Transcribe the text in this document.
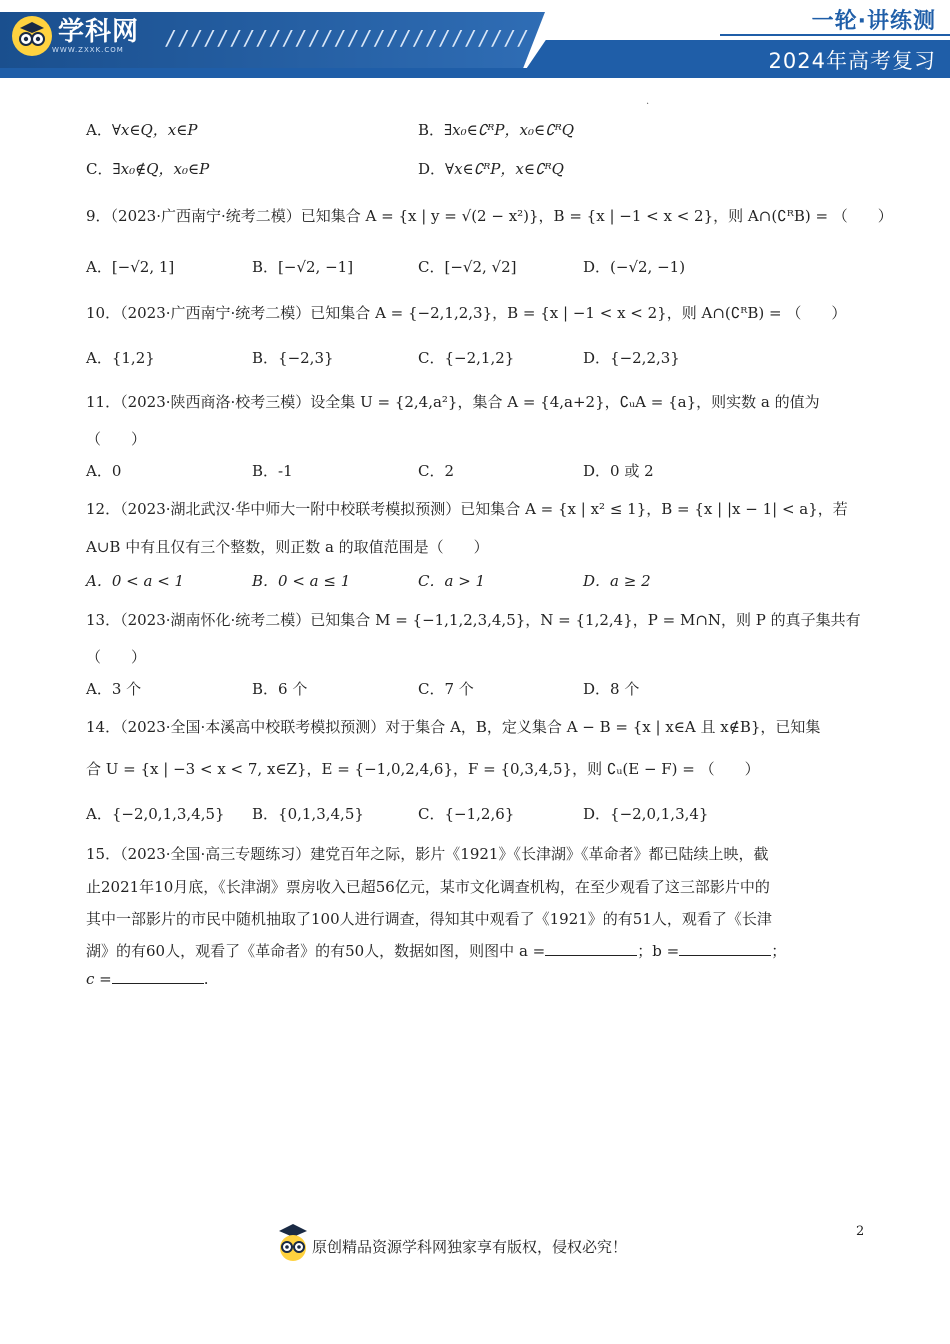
学科网
WWW.ZXXK.COM	////////////////////////////
一轮·讲练测
2024年高考复习
.
A．∀x∈Q，x∈P	B．∃x₀∈∁ᴿP，x₀∈∁ᴿQ
C．∃x₀∉Q，x₀∈P	D．∀x∈∁ᴿP，x∈∁ᴿQ
9．（2023·广西南宁·统考二模）已知集合 A = {x | y = √(2 − x²)}，B = {x | −1 < x < 2}，则 A∩(∁ᴿB) = （　　）
A．[−√2, 1]	B．[−√2, −1]	C．[−√2, √2]	D．(−√2, −1)
10．（2023·广西南宁·统考二模）已知集合 A = {−2,1,2,3}，B = {x | −1 < x < 2}，则 A∩(∁ᴿB) = （　　）
A．{1,2}	B．{−2,3}	C．{−2,1,2}	D．{−2,2,3}
11．（2023·陕西商洛·校考三模）设全集 U = {2,4,a²}，集合 A = {4,a+2}，∁ᵤA = {a}，则实数 a 的值为
（　　）
A．0	B．-1	C．2	D．0 或 2
12．（2023·湖北武汉·华中师大一附中校联考模拟预测）已知集合 A = {x | x² ≤ 1}，B = {x | |x − 1| < a}，若
A∪B 中有且仅有三个整数，则正数 a 的取值范围是（　　）
A．0 < a < 1	B．0 < a ≤ 1	C．a > 1	D．a ≥ 2
13．（2023·湖南怀化·统考二模）已知集合 M = {−1,1,2,3,4,5}，N = {1,2,4}，P = M∩N，则 P 的真子集共有
（　　）
A．3 个	B．6 个	C．7 个	D．8 个
14．（2023·全国·本溪高中校联考模拟预测）对于集合 A，B，定义集合 A − B = {x | x∈A 且 x∉B}，已知集
合 U = {x | −3 < x < 7, x∈Z}，E = {−1,0,2,4,6}，F = {0,3,4,5}，则 ∁ᵤ(E − F) = （　　）
A．{−2,0,1,3,4,5} B．{0,1,3,4,5}	C．{−1,2,6}	D．{−2,0,1,3,4}
15．（2023·全国·高三专题练习）建党百年之际，影片《1921》《长津湖》《革命者》都已陆续上映，截
止2021年10月底，《长津湖》票房收入已超56亿元，某市文化调查机构，在至少观看了这三部影片中的
其中一部影片的市民中随机抽取了100人进行调查，得知其中观看了《1921》的有51人，观看了《长津
湖》的有60人，观看了《革命者》的有50人，数据如图，则图中 a =	；b =	；
c =	.
原创精品资源学科网独家享有版权，侵权必究！
2
